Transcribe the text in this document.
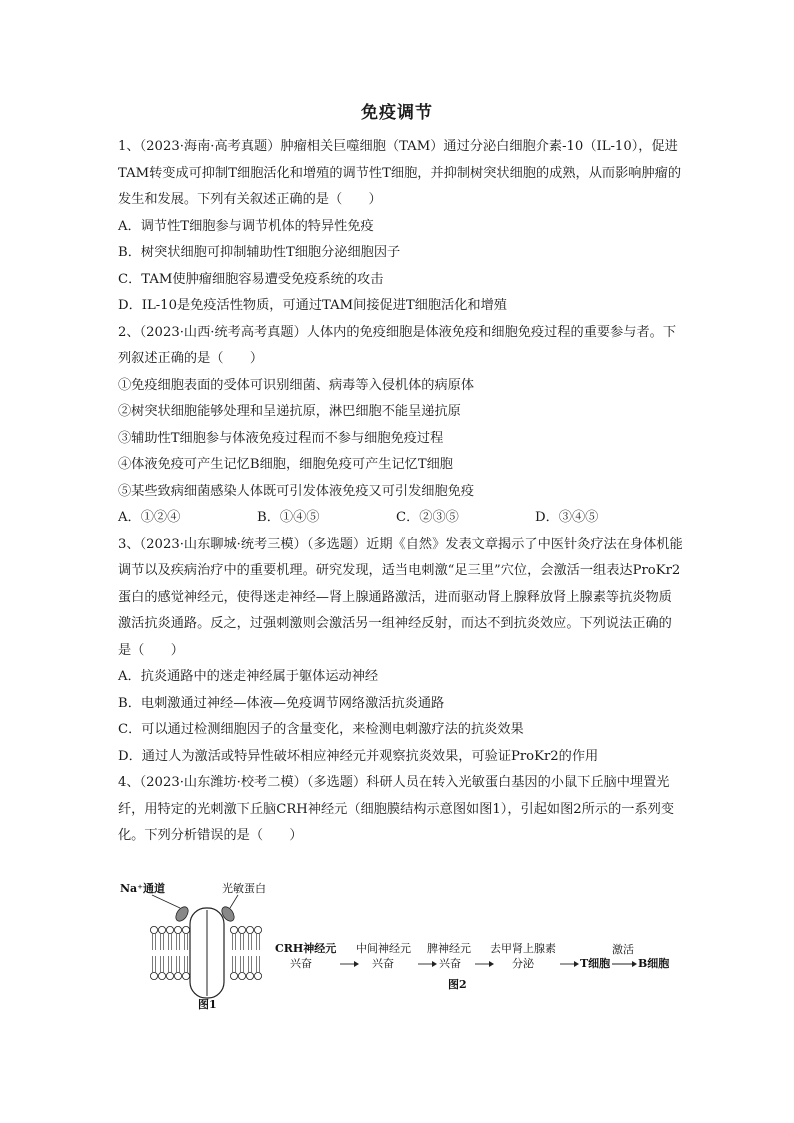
免疫调节

1、（2023·海南·高考真题）肿瘤相关巨噬细胞（TAM）通过分泌白细胞介素-10（IL-10），促进TAM转变成可抑制T细胞活化和增殖的调节性T细胞，并抑制树突状细胞的成熟，从而影响肿瘤的发生和发展。下列有关叙述正确的是（　　）

A．调节性T细胞参与调节机体的特异性免疫

B．树突状细胞可抑制辅助性T细胞分泌细胞因子

C．TAM使肿瘤细胞容易遭受免疫系统的攻击

D．IL-10是免疫活性物质，可通过TAM间接促进T细胞活化和增殖

2、（2023·山西·统考高考真题）人体内的免疫细胞是体液免疫和细胞免疫过程的重要参与者。下列叙述正确的是（　　）

①免疫细胞表面的受体可识别细菌、病毒等入侵机体的病原体

②树突状细胞能够处理和呈递抗原，淋巴细胞不能呈递抗原

③辅助性T细胞参与体液免疫过程而不参与细胞免疫过程

④体液免疫可产生记忆B细胞，细胞免疫可产生记忆T细胞

⑤某些致病细菌感染人体既可引发体液免疫又可引发细胞免疫

A．①②④	B．①④⑤	C．②③⑤	D．③④⑤

3、（2023·山东聊城·统考三模）（多选题）近期《自然》发表文章揭示了中医针灸疗法在身体机能调节以及疾病治疗中的重要机理。研究发现，适当电刺激“足三里”穴位，会激活一组表达ProKr2蛋白的感觉神经元，使得迷走神经—肾上腺通路激活，进而驱动肾上腺释放肾上腺素等抗炎物质激活抗炎通路。反之，过强刺激则会激活另一组神经反射，而达不到抗炎效应。下列说法正确的是（　　）

A．抗炎通路中的迷走神经属于躯体运动神经

B．电刺激通过神经—体液—免疫调节网络激活抗炎通路

C．可以通过检测细胞因子的含量变化，来检测电刺激疗法的抗炎效果

D．通过人为激活或特异性破坏相应神经元并观察抗炎效果，可验证ProKr2的作用

4、（2023·山东潍坊·校考二模）（多选题）科研人员在转入光敏蛋白基因的小鼠下丘脑中埋置光纤，用特定的光刺激下丘脑CRH神经元（细胞膜结构示意图如图1），引起如图2所示的一系列变化。下列分析错误的是（　　）

Na⁺通道	光敏蛋白
图1
CRH神经元
兴奋
中间神经元
兴奋
脾神经元
兴奋
去甲肾上腺素
分泌	T细胞
激活
B细胞
图2
